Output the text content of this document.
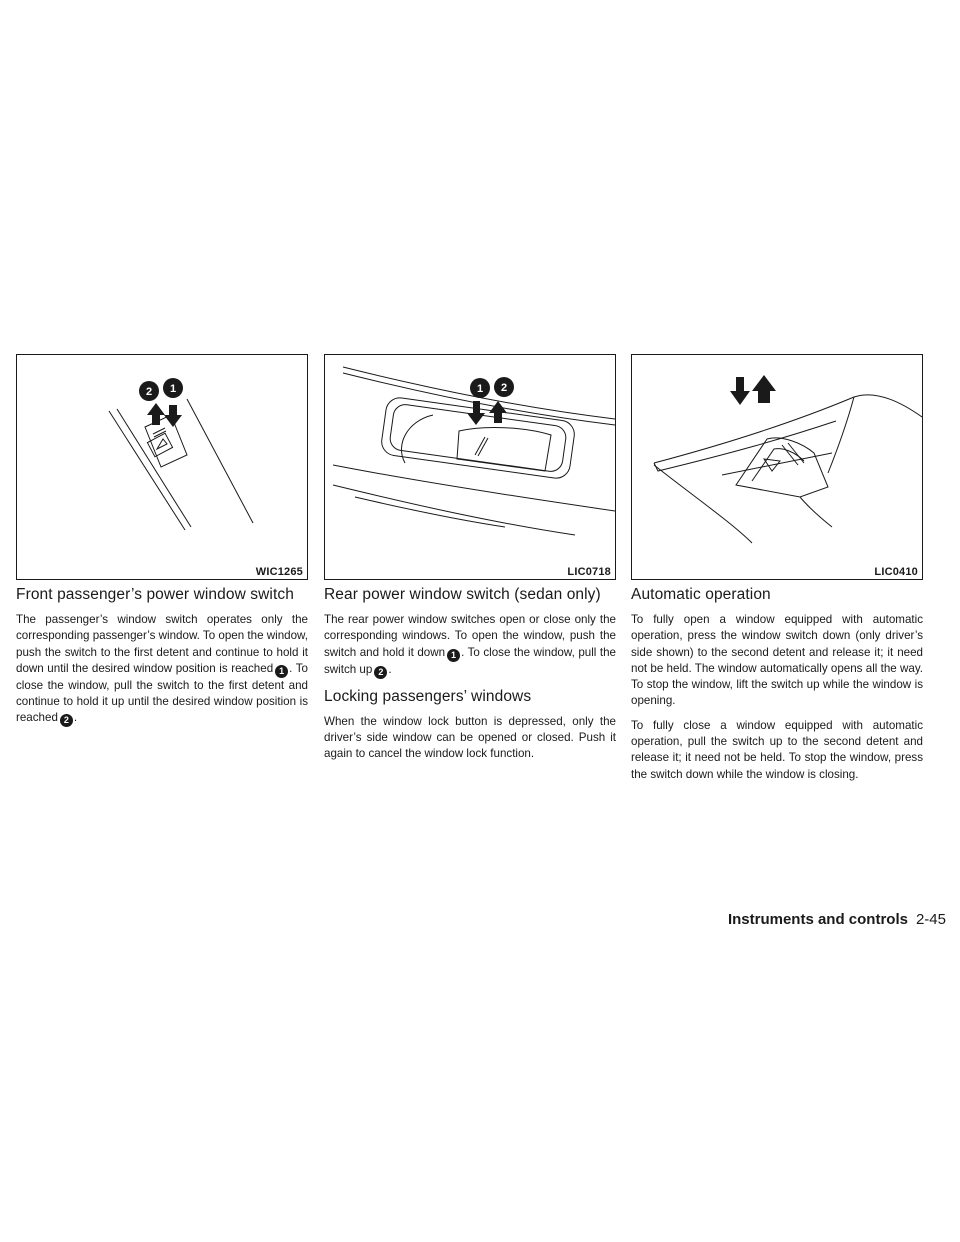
2 1
WIC1265
Front passenger’s power window switch

The passenger’s window switch operates only the corresponding passenger’s window. To open the window, push the switch to the first detent and continue to hold it down until the desired window position is reached 1 . To close the window, pull the switch to the first detent and continue to hold it up until the desired window position is reached 2 .

1 2
LIC0718
Rear power window switch (sedan only)

The rear power window switches open or close only the corresponding windows. To open the window, push the switch and hold it down 1 . To close the window, pull the switch up 2 .

Locking passengers’ windows

When the window lock button is depressed, only the driver’s side window can be opened or closed. Push it again to cancel the window lock function.

LIC0410
Automatic operation

To fully open a window equipped with automatic operation, press the window switch down (only driver’s side shown) to the second detent and release it; it need not be held. The window automatically opens all the way. To stop the window, lift the switch up while the window is opening.

To fully close a window equipped with automatic operation, pull the switch up to the second detent and release it; it need not be held. To stop the window, press the switch down while the window is closing.

Instruments and controls 2-45
